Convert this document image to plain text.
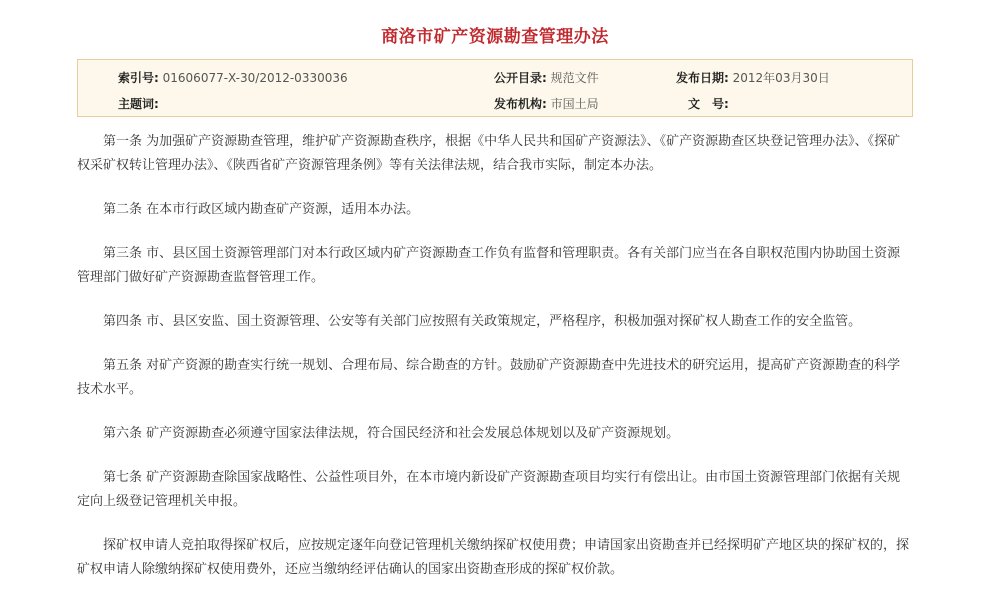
商洛市矿产资源勘查管理办法
索引号: 01606077-X-30/2012-0330036	公开目录: 规范文件	发布日期: 2012年03月30日
主题词:	发布机构: 市国土局	文　号:

第一条 为加强矿产资源勘查管理，维护矿产资源勘查秩序，根据《中华人民共和国矿产资源法》、《矿产资源勘查区块登记管理办法》、《探矿权采矿权转让管理办法》、《陕西省矿产资源管理条例》等有关法律法规，结合我市实际，制定本办法。

第二条 在本市行政区域内勘查矿产资源，适用本办法。

第三条 市、县区国土资源管理部门对本行政区域内矿产资源勘查工作负有监督和管理职责。各有关部门应当在各自职权范围内协助国土资源管理部门做好矿产资源勘查监督管理工作。

第四条 市、县区安监、国土资源管理、公安等有关部门应按照有关政策规定，严格程序，积极加强对探矿权人勘查工作的安全监管。

第五条 对矿产资源的勘查实行统一规划、合理布局、综合勘查的方针。鼓励矿产资源勘查中先进技术的研究运用，提高矿产资源勘查的科学技术水平。

第六条 矿产资源勘查必须遵守国家法律法规，符合国民经济和社会发展总体规划以及矿产资源规划。

第七条 矿产资源勘查除国家战略性、公益性项目外，在本市境内新设矿产资源勘查项目均实行有偿出让。由市国土资源管理部门依据有关规定向上级登记管理机关申报。

探矿权申请人竞拍取得探矿权后，应按规定逐年向登记管理机关缴纳探矿权使用费；申请国家出资勘查并已经探明矿产地区块的探矿权的，探矿权申请人除缴纳探矿权使用费外，还应当缴纳经评估确认的国家出资勘查形成的探矿权价款。
